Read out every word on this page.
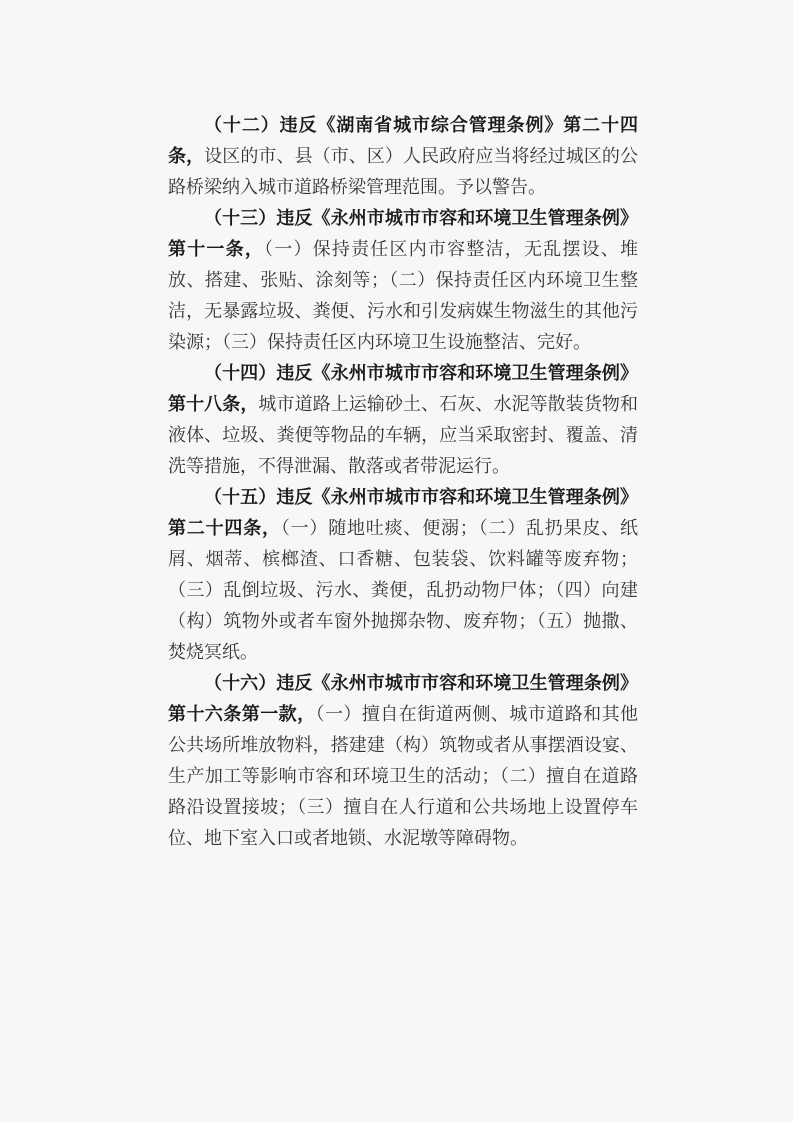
（十二）违反《湖南省城市综合管理条例》第二十四条，设区的市、县（市、区）人民政府应当将经过城区的公路桥梁纳入城市道路桥梁管理范围。予以警告。

（十三）违反《永州市城市市容和环境卫生管理条例》第十一条，（一）保持责任区内市容整洁，无乱摆设、堆放、搭建、张贴、涂刻等；（二）保持责任区内环境卫生整洁，无暴露垃圾、粪便、污水和引发病媒生物滋生的其他污染源；（三）保持责任区内环境卫生设施整洁、完好。

（十四）违反《永州市城市市容和环境卫生管理条例》第十八条，城市道路上运输砂土、石灰、水泥等散装货物和液体、垃圾、粪便等物品的车辆，应当采取密封、覆盖、清洗等措施，不得泄漏、散落或者带泥运行。

（十五）违反《永州市城市市容和环境卫生管理条例》第二十四条，（一）随地吐痰、便溺；（二）乱扔果皮、纸屑、烟蒂、槟榔渣、口香糖、包装袋、饮料罐等废弃物；（三）乱倒垃圾、污水、粪便，乱扔动物尸体；（四）向建（构）筑物外或者车窗外抛掷杂物、废弃物；（五）抛撒、焚烧冥纸。

（十六）违反《永州市城市市容和环境卫生管理条例》第十六条第一款，（一）擅自在街道两侧、城市道路和其他公共场所堆放物料，搭建建（构）筑物或者从事摆酒设宴、生产加工等影响市容和环境卫生的活动；（二）擅自在道路路沿设置接坡；（三）擅自在人行道和公共场地上设置停车位、地下室入口或者地锁、水泥墩等障碍物。
